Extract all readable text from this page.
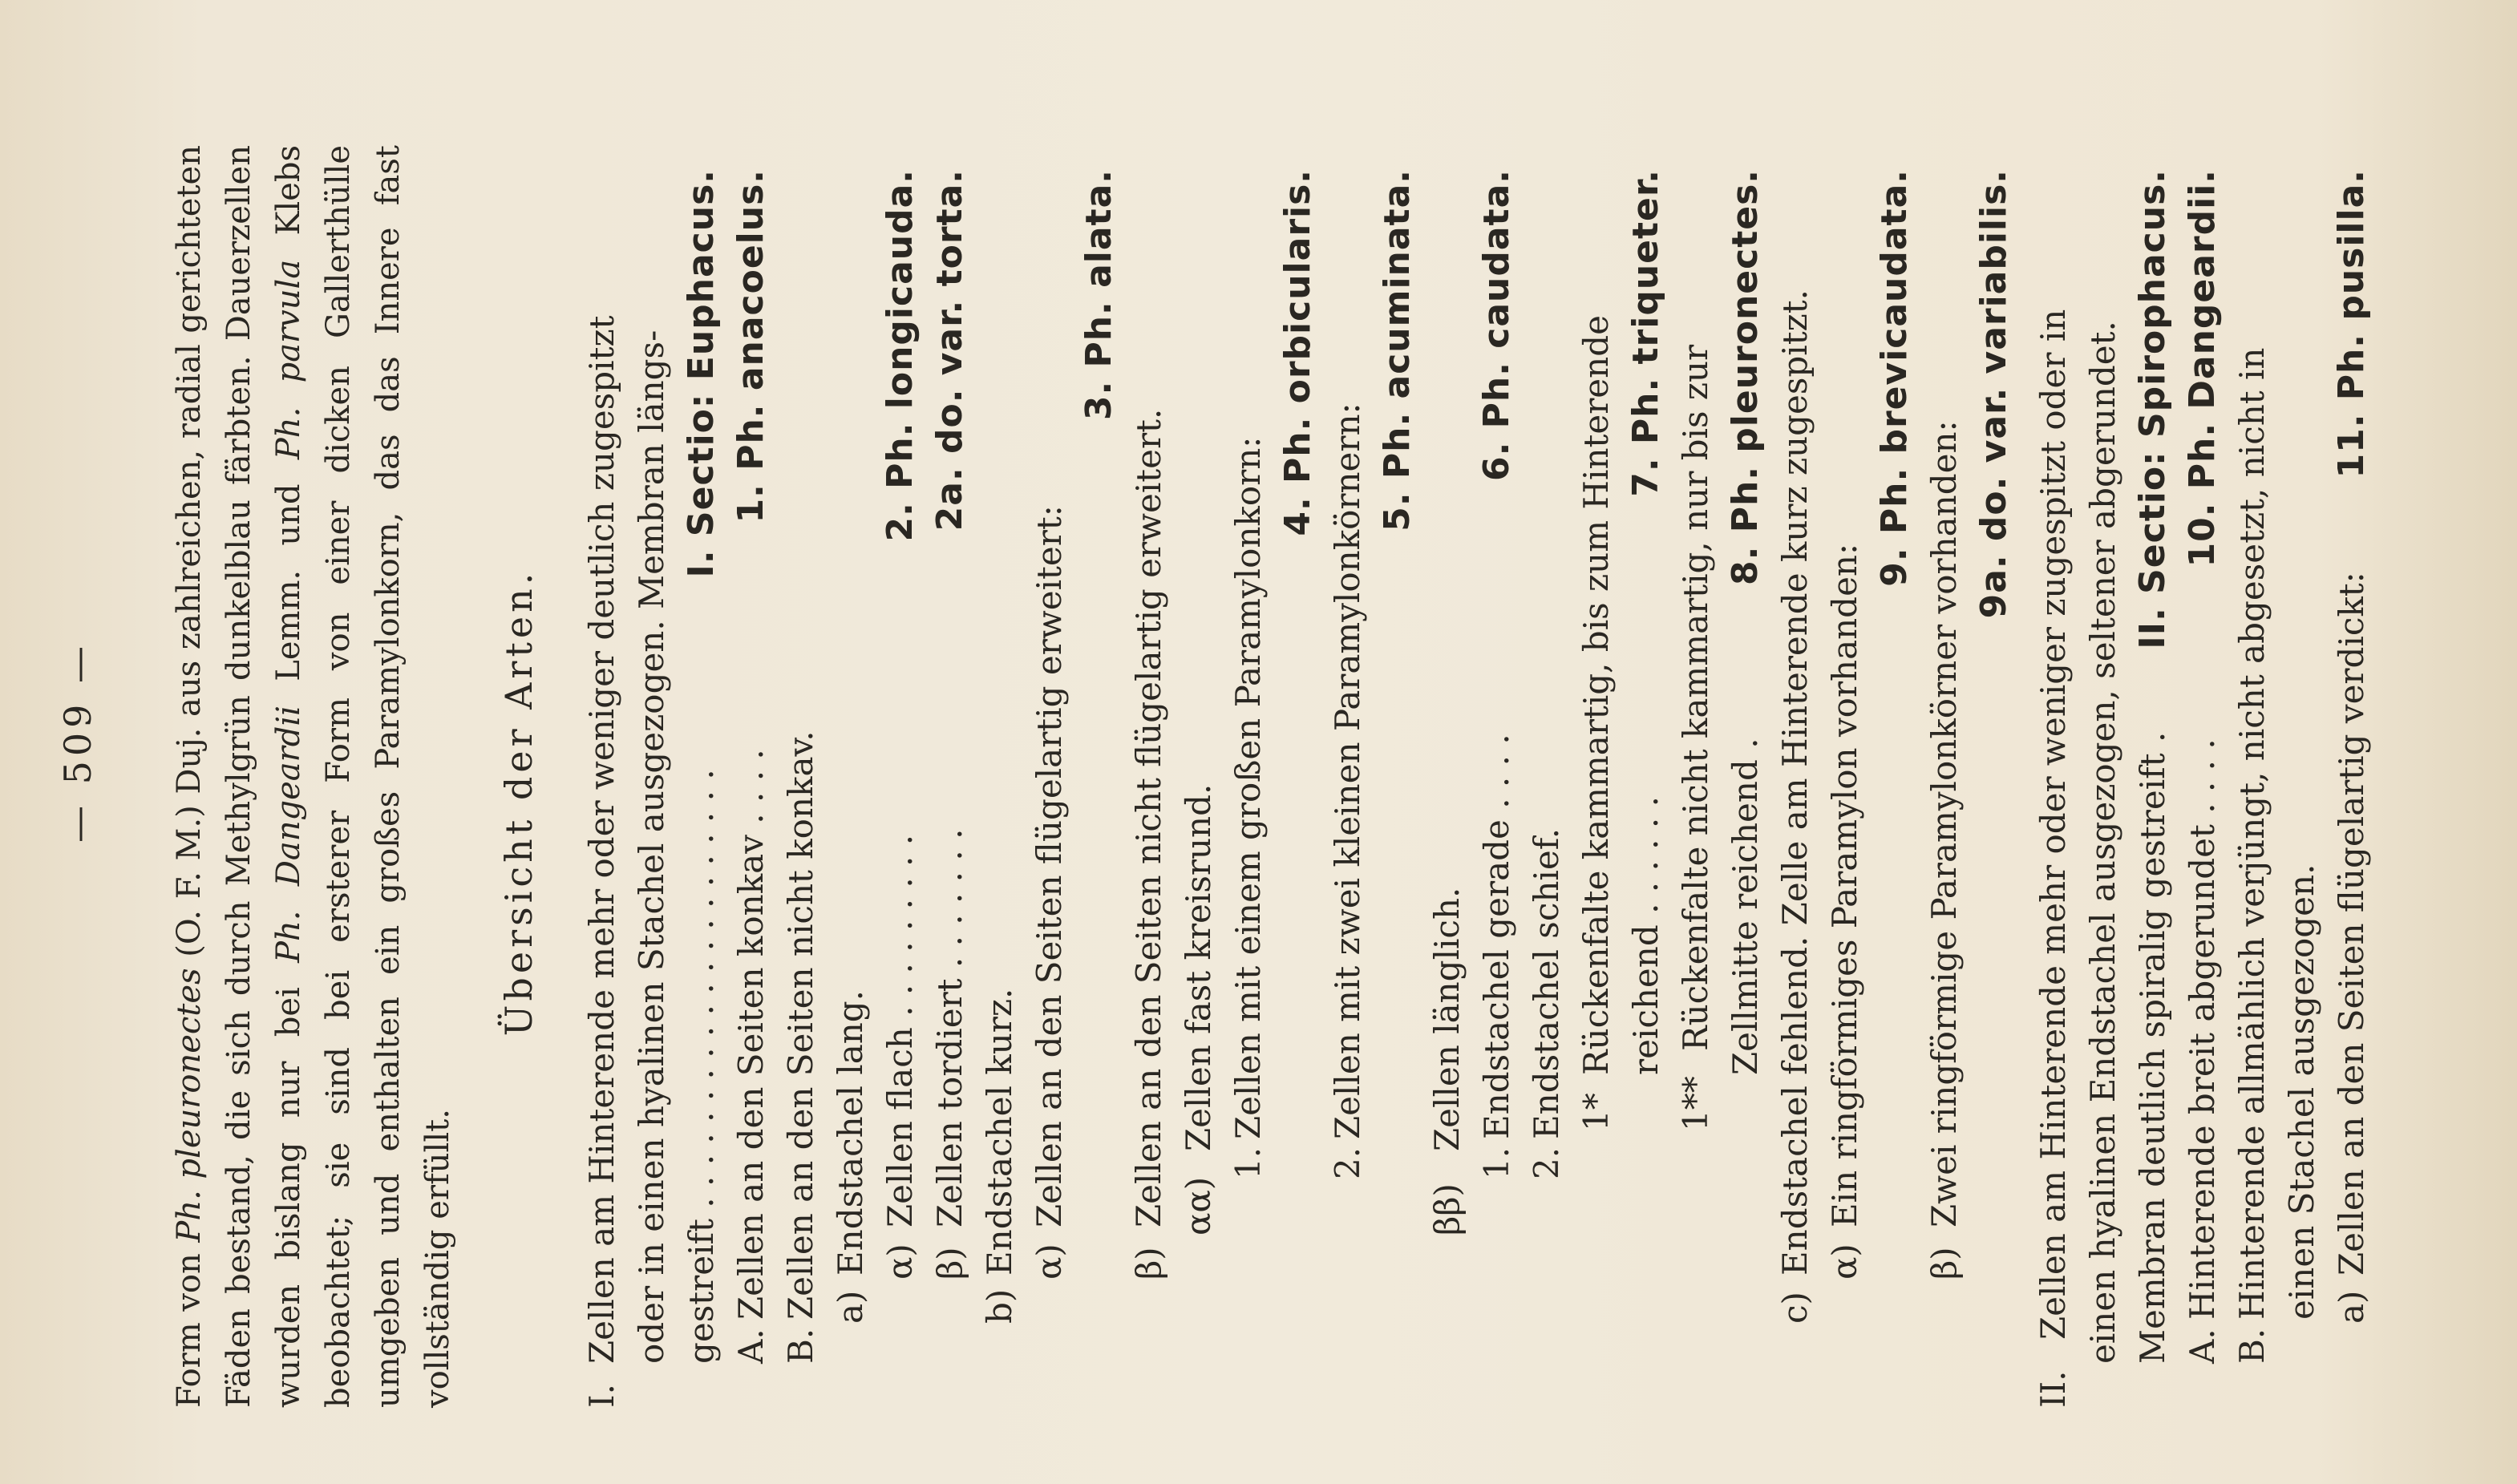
— 509 —
Form von Ph. pleuronectes (O. F. M.) Duj. aus zahlreichen, radial gerichteten Fäden bestand, die sich durch Methylgrün dunkelblau färbten. Dauerzellen wurden bislang nur bei Ph. Dangeardii Lemm. und Ph. parvula Klebs beobachtet; sie sind bei ersterer Form von einer dicken Gallerthülle umgeben und enthalten ein großes Paramylonkorn, das das Innere fast vollständig erfüllt.
Übersicht der Arten.
I.
Zellen am Hinterende mehr oder weniger deutlich zugespitzt oder in einen hyalinen Stachel ausgezogen. Membran längs- gestreift . . . . . . . . . . . . . . . . . . . . .
I. Sectio: Euphacus.
A.
Zellen an den Seiten konkav . . . .
1. Ph. anacoelus.
B.
Zellen an den Seiten nicht konkav. a)
Endstachel lang. α)
Zellen flach . . . . . . . . .
2. Ph. longicauda.
β)
Zellen tordiert . . . . . . .
2a. do. var. torta.
b)
Endstachel kurz. α)
Zellen an den Seiten flügelartig erweitert:
3. Ph. alata.
β)
Zellen an den Seiten nicht flügelartig erweitert. αα)
Zellen fast kreisrund.
1.
Zellen mit einem großen Paramylonkorn:
4. Ph. orbicularis.
2.
Zellen mit zwei kleinen Paramylonkörnern:
5. Ph. acuminata.
ββ)
Zellen länglich.
1.
Endstachel gerade . . . .
6. Ph. caudata.
2.
Endstachel schief. 1*
Rückenfalte kammartig, bis zum Hinterende reichend . . . . . .
7. Ph. triqueter.
1**
Rückenfalte nicht kammartig, nur bis zur Zellmitte reichend .
8. Ph. pleuronectes.
c)
Endstachel fehlend. Zelle am Hinterende kurz zugespitzt. α)
Ein ringförmiges Paramylon vorhanden:
9. Ph. brevicaudata.
β)
Zwei ringförmige Paramylonkörner vorhanden:
9a. do. var. variabilis.
II.
Zellen am Hinterende mehr oder weniger zugespitzt oder in einen hyalinen Endstachel ausgezogen, seltener abgerundet. Membran deutlich spiralig gestreift .
II. Sectio: Spirophacus.
A.
Hinterende breit abgerundet . . . .
10. Ph. Dangeardii.
B.
Hinterende allmählich verjüngt, nicht abgesetzt, nicht in einen Stachel ausgezogen. a)
Zellen an den Seiten flügelartig verdickt:
11. Ph. pusilla.
